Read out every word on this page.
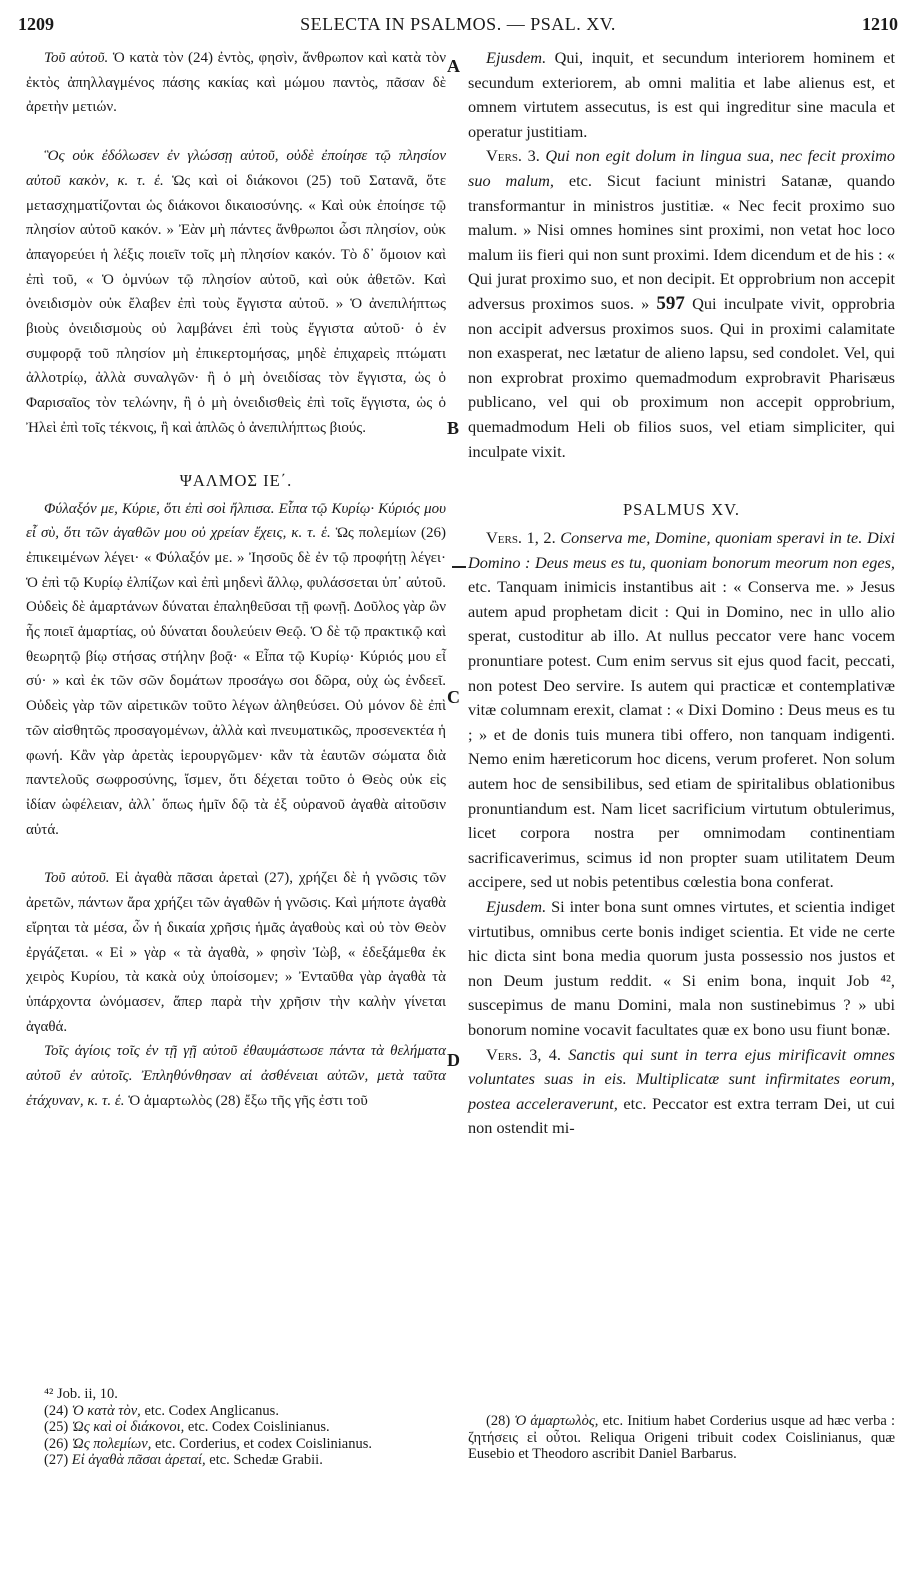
1209	SELECTA IN PSALMOS. — PSAL. XV.	1210
A
B
C
D

Τοῦ αὐτοῦ. Ὁ κατὰ τὸν (24) ἐντὸς, φησὶν, ἄνθρωπον καὶ κατὰ τὸν ἐκτὸς ἀπηλλαγμένος πάσης κακίας καὶ μώμου παντὸς, πᾶσαν δὲ ἀρετὴν μετιών.

Ὃς οὐκ ἐδόλωσεν ἐν γλώσσῃ αὐτοῦ, οὐδὲ ἐποίησε τῷ πλησίον αὐτοῦ κακὸν, κ. τ. ἑ. Ὡς καὶ οἱ διάκονοι (25) τοῦ Σατανᾶ, ὅτε μετασχηματίζονται ὡς διάκονοι δικαιοσύνης. « Καὶ οὐκ ἐποίησε τῷ πλησίον αὐτοῦ κακόν. » Ἐὰν μὴ πάντες ἄνθρωποι ὦσι πλησίον, οὐκ ἀπαγορεύει ἡ λέξις ποιεῖν τοῖς μὴ πλησίον κακόν. Τὸ δ᾽ ὅμοιον καὶ ἐπὶ τοῦ, « Ὁ ὀμνύων τῷ πλησίον αὐτοῦ, καὶ οὐκ ἀθετῶν. Καὶ ὀνειδισμὸν οὐκ ἔλαβεν ἐπὶ τοὺς ἔγγιστα αὐτοῦ. » Ὁ ἀνεπιλήπτως βιοὺς ὀνειδισμοὺς οὐ λαμβάνει ἐπὶ τοὺς ἔγγιστα αὐτοῦ· ὁ ἐν συμφορᾷ τοῦ πλησίον μὴ ἐπικερτομήσας, μηδὲ ἐπιχαρεὶς πτώματι ἀλλοτρίῳ, ἀλλὰ συναλγῶν· ἢ ὁ μὴ ὀνειδίσας τὸν ἔγγιστα, ὡς ὁ Φαρισαῖος τὸν τελώνην, ἢ ὁ μὴ ὀνειδισθεὶς ἐπὶ τοῖς ἔγγιστα, ὡς ὁ Ἠλεὶ ἐπὶ τοῖς τέκνοις, ἢ καὶ ἁπλῶς ὁ ἀνεπιλήπτως βιούς.

ΨΑΛΜΟΣ ΙΕ΄.

Φύλαξόν με, Κύριε, ὅτι ἐπὶ σοὶ ἤλπισα. Εἶπα τῷ Κυρίῳ· Κύριός μου εἶ σὺ, ὅτι τῶν ἀγαθῶν μου οὐ χρείαν ἔχεις, κ. τ. ἑ. Ὡς πολεμίων (26) ἐπικειμένων λέγει· « Φύλαξόν με. » Ἰησοῦς δὲ ἐν τῷ προφήτῃ λέγει· Ὁ ἐπὶ τῷ Κυρίῳ ἐλπίζων καὶ ἐπὶ μηδενὶ ἄλλῳ, φυλάσσεται ὑπ᾽ αὐτοῦ. Οὐδεὶς δὲ ἁμαρτάνων δύναται ἐπαληθεῦσαι τῇ φωνῇ. Δοῦλος γὰρ ὢν ἧς ποιεῖ ἁμαρτίας, οὐ δύναται δουλεύειν Θεῷ. Ὁ δὲ τῷ πρακτικῷ καὶ θεωρητῷ βίῳ στήσας στήλην βοᾷ· « Εἶπα τῷ Κυρίῳ· Κύριός μου εἶ σύ· » καὶ ἐκ τῶν σῶν δομάτων προσάγω σοι δῶρα, οὐχ ὡς ἐνδεεῖ. Οὐδεὶς γὰρ τῶν αἱρετικῶν τοῦτο λέγων ἀληθεύσει. Οὐ μόνον δὲ ἐπὶ τῶν αἰσθητῶς προσαγομένων, ἀλλὰ καὶ πνευματικῶς, προσενεκτέα ἡ φωνή. Κἂν γὰρ ἀρετὰς ἱερουργῶμεν· κἂν τὰ ἑαυτῶν σώματα διὰ παντελοῦς σωφροσύνης, ἴσμεν, ὅτι δέχεται τοῦτο ὁ Θεὸς οὐκ εἰς ἰδίαν ὠφέλειαν, ἀλλ᾽ ὅπως ἡμῖν δῷ τὰ ἐξ οὐρανοῦ ἀγαθὰ αἰτοῦσιν αὐτά.

Τοῦ αὐτοῦ. Εἰ ἀγαθὰ πᾶσαι ἀρεταὶ (27), χρήζει δὲ ἡ γνῶσις τῶν ἀρετῶν, πάντων ἄρα χρήζει τῶν ἀγαθῶν ἡ γνῶσις. Καὶ μήποτε ἀγαθὰ εἴρηται τὰ μέσα, ὧν ἡ δικαία χρῆσις ἡμᾶς ἀγαθοὺς καὶ οὐ τὸν Θεὸν ἐργάζεται. « Εἰ » γὰρ « τὰ ἀγαθὰ, » φησὶν Ἰὼβ, « ἐδεξάμεθα ἐκ χειρὸς Κυρίου, τὰ κακὰ οὐχ ὑποίσομεν; » Ἐνταῦθα γὰρ ἀγαθὰ τὰ ὑπάρχοντα ὠνόμασεν, ἅπερ παρὰ τὴν χρῆσιν τὴν καλὴν γίνεται ἀγαθά.

Τοῖς ἁγίοις τοῖς ἐν τῇ γῇ αὐτοῦ ἐθαυμάστωσε πάντα τὰ θελήματα αὐτοῦ ἐν αὐτοῖς. Ἐπληθύνθησαν αἱ ἀσθένειαι αὐτῶν, μετὰ ταῦτα ἐτάχυναν, κ. τ. ἑ. Ὁ ἁμαρτωλὸς (28) ἔξω τῆς γῆς ἐστι τοῦ

Ejusdem. Qui, inquit, et secundum interiorem hominem et secundum exteriorem, ab omni malitia et labe alienus est, et omnem virtutem assecutus, is est qui ingreditur sine macula et operatur justitiam.

Vers. 3. Qui non egit dolum in lingua sua, nec fecit proximo suo malum, etc. Sicut faciunt ministri Satanæ, quando transformantur in ministros justitiæ. « Nec fecit proximo suo malum. » Nisi omnes homines sint proximi, non vetat hoc loco malum iis fieri qui non sunt proximi. Idem dicendum et de his : « Qui jurat proximo suo, et non decipit. Et opprobrium non accepit adversus proximos suos. » 597 Qui inculpate vivit, opprobria non accipit adversus proximos suos. Qui in proximi calamitate non exasperat, nec lætatur de alieno lapsu, sed condolet. Vel, qui non exprobrat proximo quemadmodum exprobravit Pharisæus publicano, vel qui ob proximum non accepit opprobrium, quemadmodum Heli ob filios suos, vel etiam simpliciter, qui inculpate vixit.

PSALMUS XV.

Vers. 1, 2. Conserva me, Domine, quoniam speravi in te. Dixi Domino : Deus meus es tu, quoniam bonorum meorum non eges, etc. Tanquam inimicis instantibus ait : « Conserva me. » Jesus autem apud prophetam dicit : Qui in Domino, nec in ullo alio sperat, custoditur ab illo. At nullus peccator vere hanc vocem pronuntiare potest. Cum enim servus sit ejus quod facit, peccati, non potest Deo servire. Is autem qui practicæ et contemplativæ vitæ columnam erexit, clamat : « Dixi Domino : Deus meus es tu ; » et de donis tuis munera tibi offero, non tanquam indigenti. Nemo enim hæreticorum hoc dicens, verum proferet. Non solum autem hoc de sensibilibus, sed etiam de spiritalibus oblationibus pronuntiandum est. Nam licet sacrificium virtutum obtulerimus, licet corpora nostra per omnimodam continentiam sacrificaverimus, scimus id non propter suam utilitatem Deum accipere, sed ut nobis petentibus cœlestia bona conferat.

Ejusdem. Si inter bona sunt omnes virtutes, et scientia indiget virtutibus, omnibus certe bonis indiget scientia. Et vide ne certe hic dicta sint bona media quorum justa possessio nos justos et non Deum justum reddit. « Si enim bona, inquit Job ⁴², suscepimus de manu Domini, mala non sustinebimus ? » ubi bonorum nomine vocavit facultates quæ ex bono usu fiunt bonæ.

Vers. 3, 4. Sanctis qui sunt in terra ejus mirificavit omnes voluntates suas in eis. Multiplicatæ sunt infirmitates eorum, postea acceleraverunt, etc. Peccator est extra terram Dei, ut cui non ostendit mi-

⁴² Job. ii, 10.

(24) Ὁ κατὰ τὸν, etc. Codex Anglicanus.

(25) Ὡς καὶ οἱ διάκονοι, etc. Codex Coislinianus.

(26) Ὡς πολεμίων, etc. Corderius, et codex Coislinianus.

(27) Εἰ ἀγαθὰ πᾶσαι ἀρεταί, etc. Schedæ Grabii.

(28) Ὁ ἁμαρτωλὸς, etc. Initium habet Corderius usque ad hæc verba : ζητήσεις εἰ οὗτοι. Reliqua Origeni tribuit codex Coislinianus, quæ Eusebio et Theodoro ascribit Daniel Barbarus.
